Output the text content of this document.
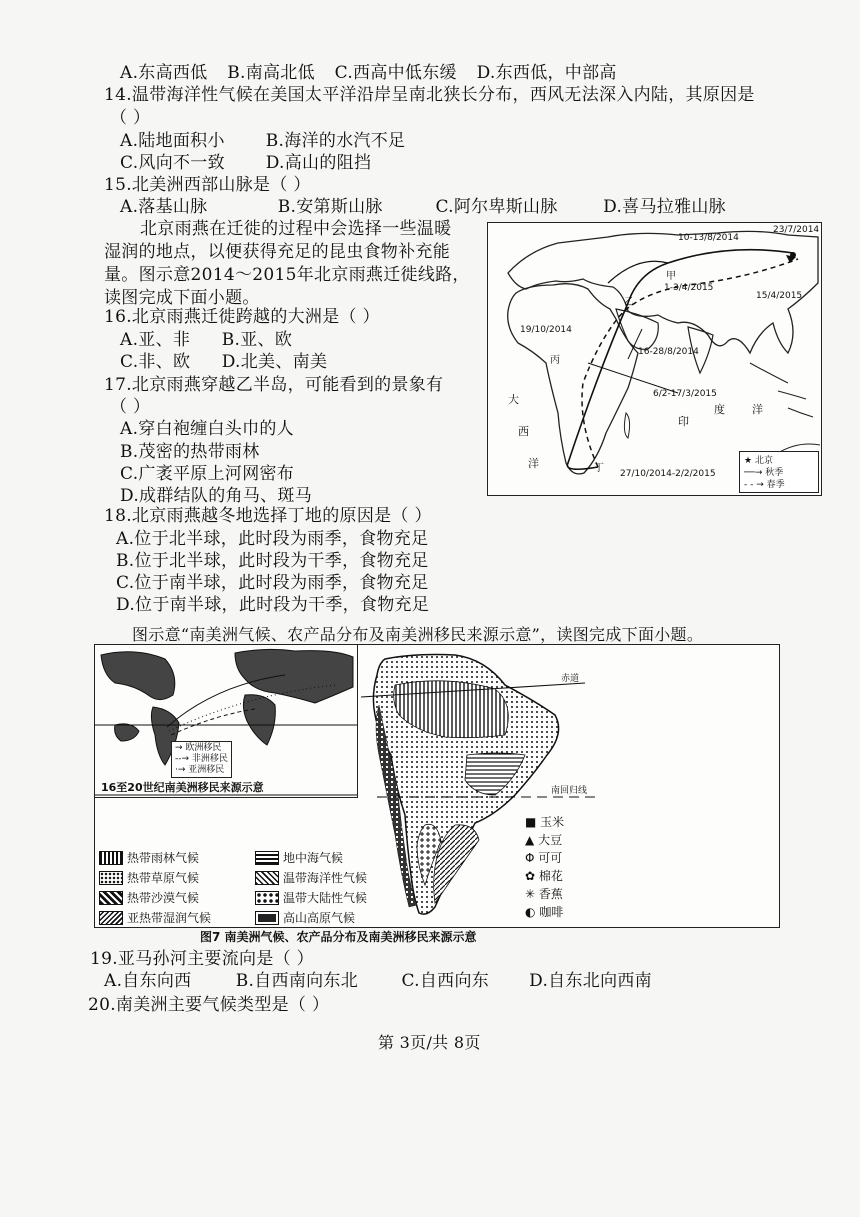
A.东高西低 B.南高北低 C.西高中低东缓 D.东西低，中部高
14.温带海洋性气候在美国太平洋沿岸呈南北狭长分布，西风无法深入内陆，其原因是
（ ）
A.陆地面积小 B.海洋的水汽不足
C.风向不一致 D.高山的阻挡
15.北美洲西部山脉是（ ）
A.落基山脉	B.安第斯山脉	C.阿尔卑斯山脉	D.喜马拉雅山脉
北京雨燕在迁徙的过程中会选择一些温暖
湿润的地点，以便获得充足的昆虫食物补充能
量。图示意2014～2015年北京雨燕迁徙线路，
读图完成下面小题。
16.北京雨燕迁徙跨越的大洲是（ ）
A.亚、非 B.亚、欧
C.非、欧 D.北美、南美
17.北京雨燕穿越乙半岛，可能看到的景象有
（ ）
A.穿白袍缠白头巾的人
B.茂密的热带雨林
C.广袤平原上河网密布
D.成群结队的角马、斑马
18.北京雨燕越冬地选择丁地的原因是（ ）
A.位于北半球，此时段为雨季，食物充足
B.位于北半球，此时段为干季，食物充足
C.位于南半球，此时段为雨季，食物充足
D.位于南半球，此时段为干季，食物充足
10-13/8/2014
23/7/2014
1-3/4/2015
15/4/2015
19/10/2014
16-28/8/2014
6/2-17/3/2015
27/10/2014-2/2/2015
甲
乙
丙
丁
大
西
洋
印
度 洋
★ 北京
──→ 秋季
- - → 春季
图示意“南美洲气候、农产品分布及南美洲移民来源示意”，读图完成下面小题。
→ 欧洲移民
--→ 非洲移民
·→ 亚洲移民
16至20世纪南美洲移民来源示意
赤道
南回归线
热带雨林气候	地中海气候
热带草原气候	温带海洋性气候
热带沙漠气候	温带大陆性气候
亚热带湿润气候	高山高原气候
■ 玉米
▲ 大豆
Φ 可可
✿ 棉花
✳ 香蕉
◐ 咖啡
图7 南美洲气候、农产品分布及南美洲移民来源示意
19.亚马孙河主要流向是（ ）
A.自东向西	B.自西南向东北	C.自西向东 D.自东北向西南
20.南美洲主要气候类型是（ ）
第 3页/共 8页
